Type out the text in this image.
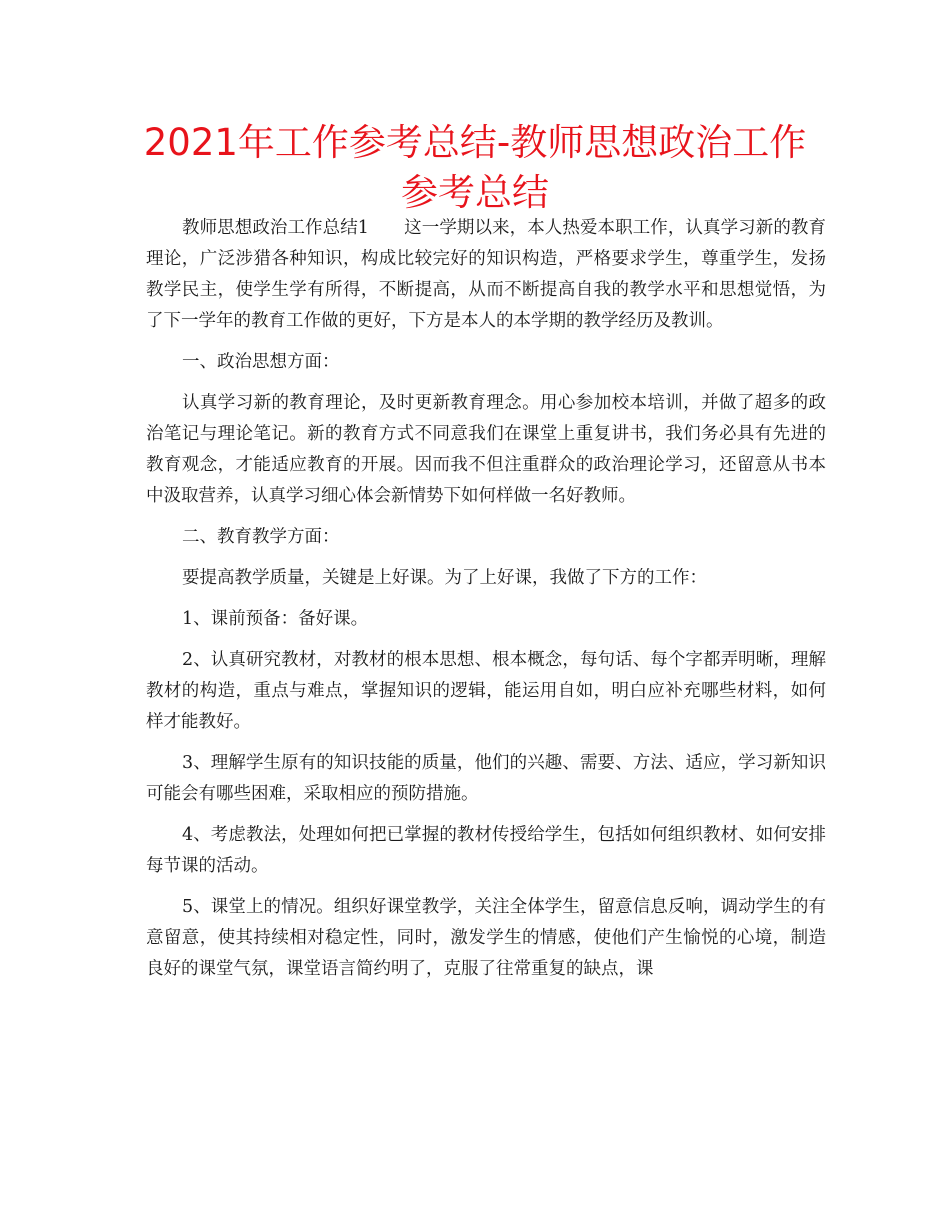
2021年工作参考总结-教师思想政治工作参考总结

教师思想政治工作总结1　　这一学期以来，本人热爱本职工作，认真学习新的教育理论，广泛涉猎各种知识，构成比较完好的知识构造，严格要求学生，尊重学生，发扬教学民主，使学生学有所得，不断提高，从而不断提高自我的教学水平和思想觉悟，为了下一学年的教育工作做的更好，下方是本人的本学期的教学经历及教训。

一、政治思想方面：

认真学习新的教育理论，及时更新教育理念。用心参加校本培训，并做了超多的政治笔记与理论笔记。新的教育方式不同意我们在课堂上重复讲书，我们务必具有先进的教育观念，才能适应教育的开展。因而我不但注重群众的政治理论学习，还留意从书本中汲取营养，认真学习细心体会新情势下如何样做一名好教师。

二、教育教学方面：

要提高教学质量，关键是上好课。为了上好课，我做了下方的工作：

1、课前预备：备好课。

2、认真研究教材，对教材的根本思想、根本概念，每句话、每个字都弄明晰，理解教材的构造，重点与难点，掌握知识的逻辑，能运用自如，明白应补充哪些材料，如何样才能教好。

3、理解学生原有的知识技能的质量，他们的兴趣、需要、方法、适应，学习新知识可能会有哪些困难，采取相应的预防措施。

4、考虑教法，处理如何把已掌握的教材传授给学生，包括如何组织教材、如何安排每节课的活动。

5、课堂上的情况。组织好课堂教学，关注全体学生，留意信息反响，调动学生的有意留意，使其持续相对稳定性，同时，激发学生的情感，使他们产生愉悦的心境，制造良好的课堂气氛，课堂语言简约明了，克服了往常重复的缺点，课
